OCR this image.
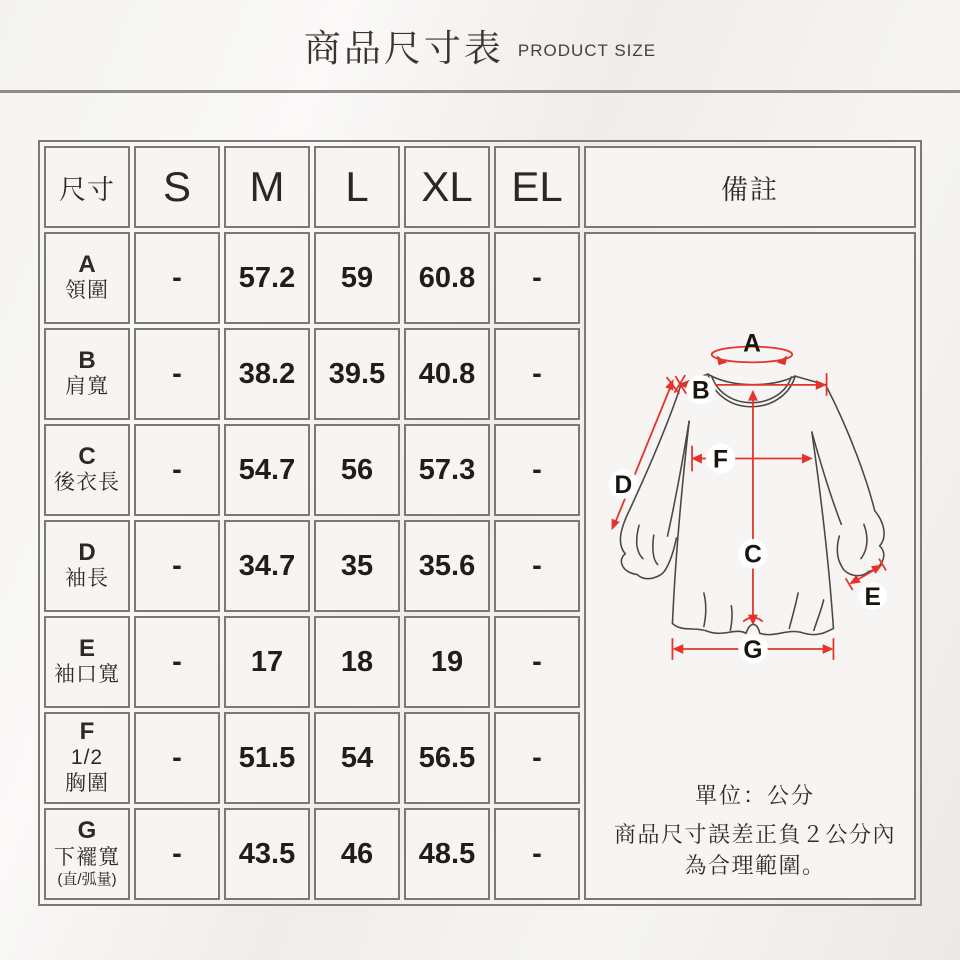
商品尺寸表 PRODUCT SIZE
尺寸	S	M	L	XL	EL	備註

A
領圍	-	57.2	59	60.8	-	
A
B
D
F
C
E
G
單位：公分
商品尺寸誤差正負２公分內為合理範圍。

B
肩寬	-	38.2	39.5	40.8	-	

C
後衣長	-	54.7	56	57.3	-	

D
袖長	-	34.7	35	35.6	-	

E
袖口寬	-	17	18	19	-	

F
1/2
胸圍	-	51.5	54	56.5	-	

G
下襬寬
(直/弧量)	-	43.5	46	48.5	-	
